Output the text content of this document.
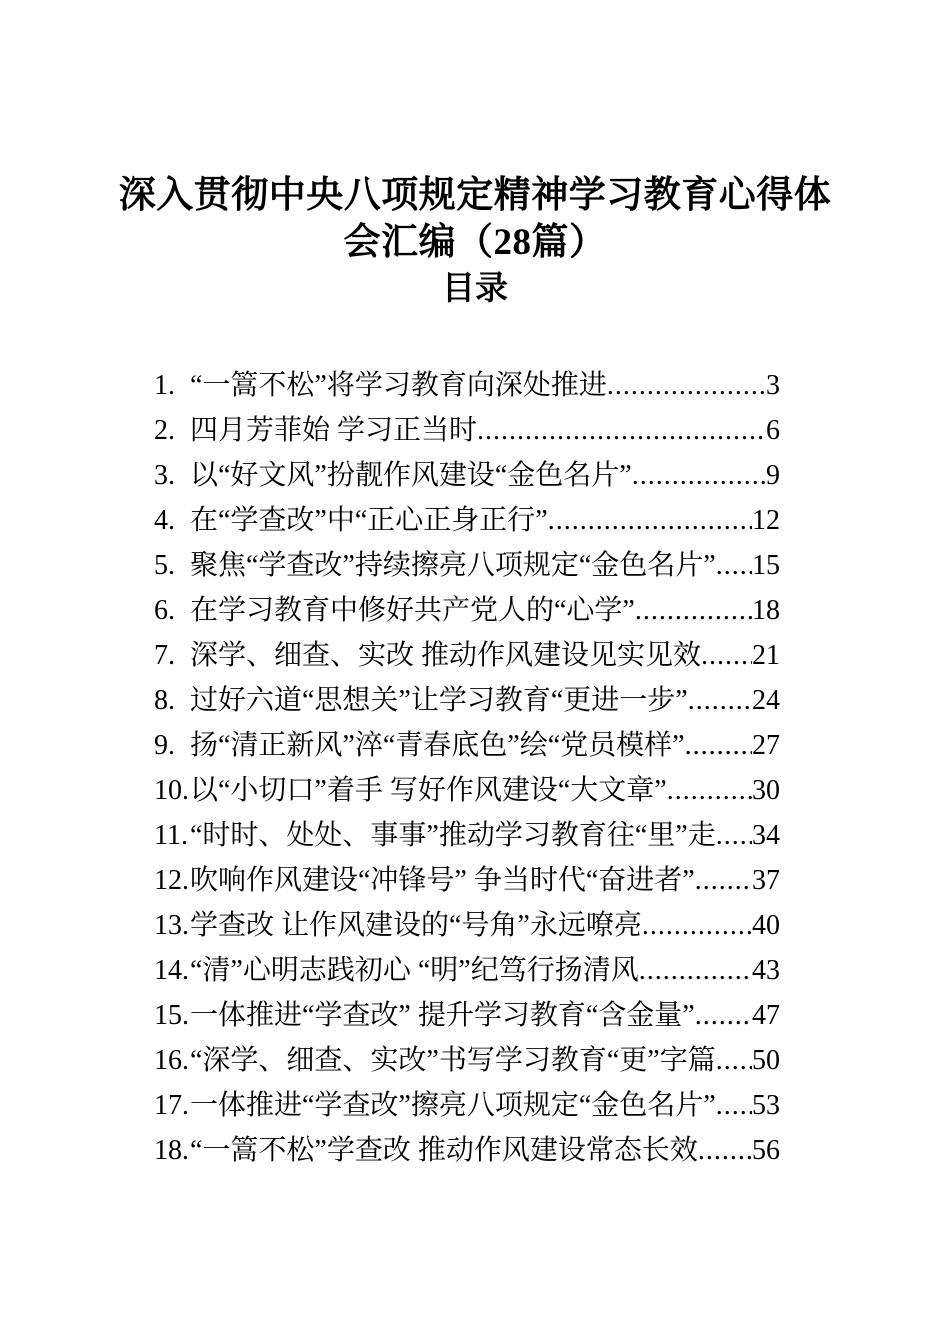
深入贯彻中央八项规定精神学习教育心得体会汇编（28篇）
目录
1. “一篙不松”将学习教育向深处推进 .....	3
2. 四月芳菲始 学习正当时 .....	6
3. 以“好文风”扮靓作风建设“金色名片” .....	9
4. 在“学查改”中“正心正身正行” .....	12
5. 聚焦“学查改”持续擦亮八项规定“金色名片” ..... 15
6. 在学习教育中修好共产党人的“心学” .....	18
7. 深学、细查、实改 推动作风建设见实见效 ..... 21
8. 过好六道“思想关”让学习教育“更进一步” ..... 24
9. 扬“清正新风”淬“青春底色”绘“党员模样” ..... 27
10. 以“小切口”着手 写好作风建设“大文章” .....	30
11. “时时、处处、事事”推动学习教育往“里”走 ..... 34
12. 吹响作风建设“冲锋号” 争当时代“奋进者” ..... 37
13. 学查改 让作风建设的“号角”永远嘹亮 .....	40
14. “清”心明志践初心 “明”纪笃行扬清风 .....	43
15. 一体推进“学查改” 提升学习教育“含金量” ..... 47
16. “深学、细查、实改”书写学习教育“更”字篇 ..... 50
17. 一体推进“学查改”擦亮八项规定“金色名片” ..... 53
18. “一篙不松”学查改 推动作风建设常态长效 ..... 56
